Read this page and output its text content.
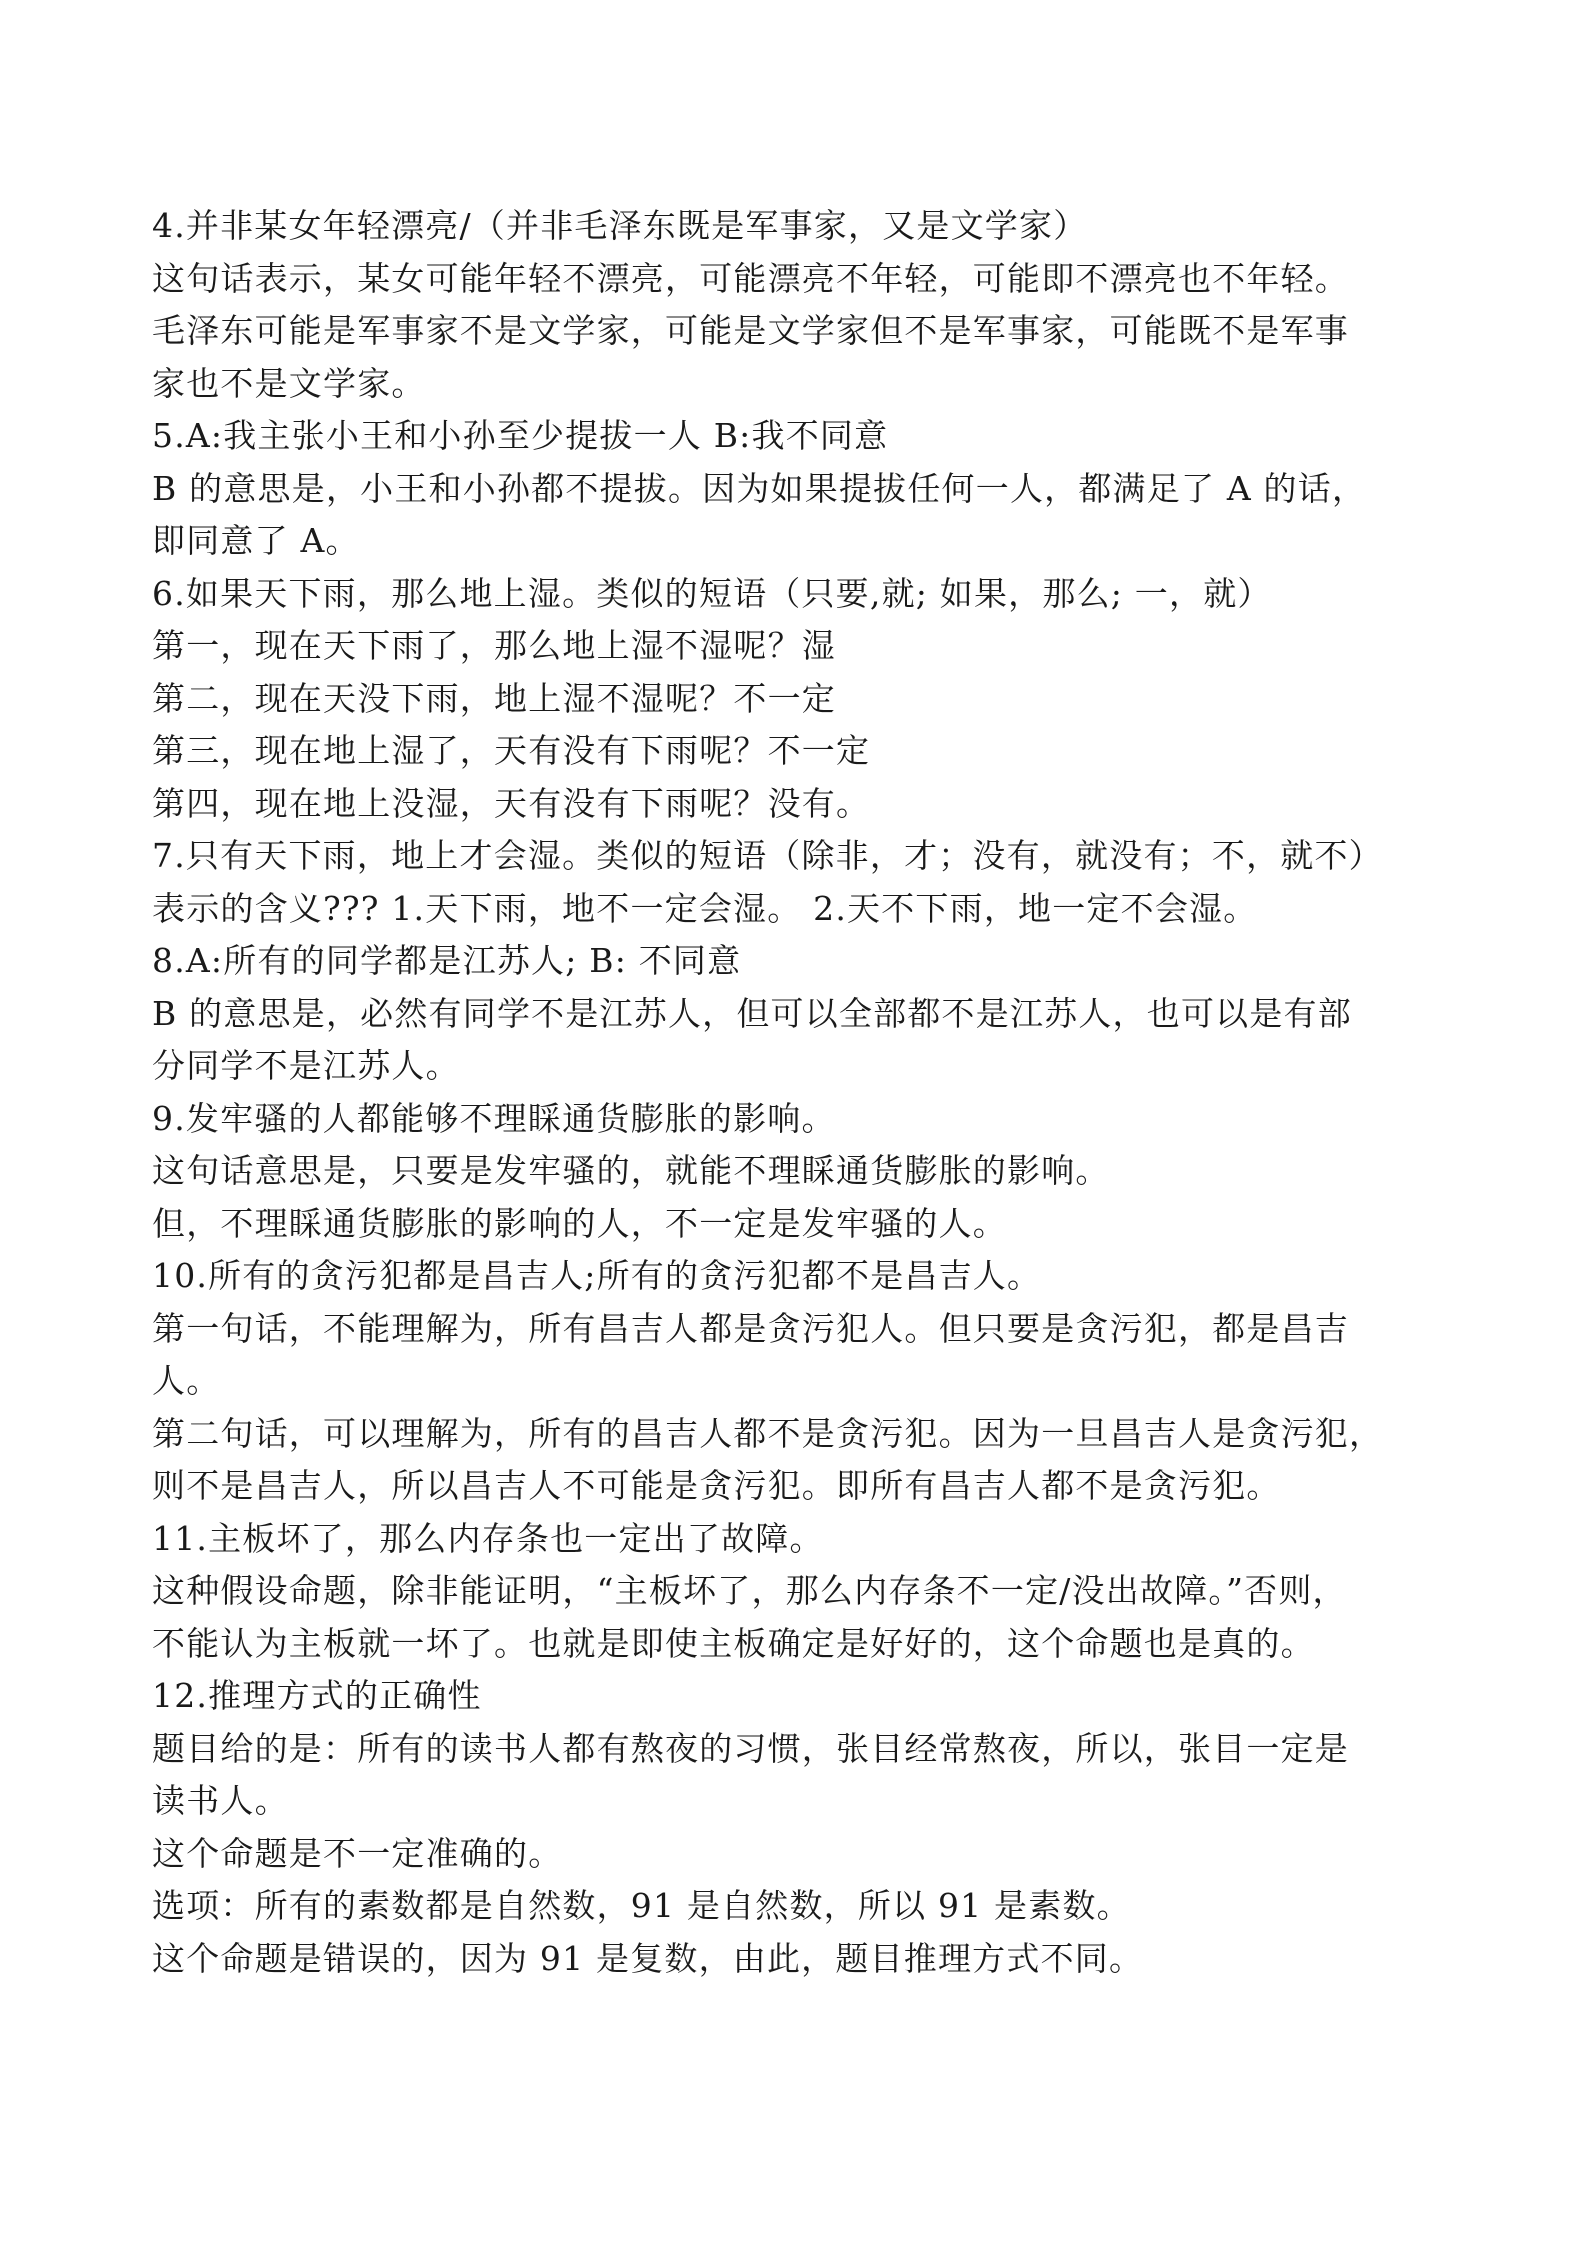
4.并非某女年轻漂亮/（并非毛泽东既是军事家，又是文学家）

这句话表示，某女可能年轻不漂亮，可能漂亮不年轻，可能即不漂亮也不年轻。

毛泽东可能是军事家不是文学家，可能是文学家但不是军事家，可能既不是军事

家也不是文学家。

5.A:我主张小王和小孙至少提拔一人 B:我不同意

B 的意思是，小王和小孙都不提拔。因为如果提拔任何一人，都满足了 A 的话，

即同意了 A。

6.如果天下雨，那么地上湿。类似的短语（只要,就; 如果，那么; 一，就）

第一，现在天下雨了，那么地上湿不湿呢？湿

第二，现在天没下雨，地上湿不湿呢？不一定

第三，现在地上湿了，天有没有下雨呢？不一定

第四，现在地上没湿，天有没有下雨呢？没有。

7.只有天下雨，地上才会湿。类似的短语（除非，才；没有，就没有；不，就不）

表示的含义??? 1.天下雨，地不一定会湿。 2.天不下雨，地一定不会湿。

8.A:所有的同学都是江苏人; B: 不同意

B 的意思是，必然有同学不是江苏人，但可以全部都不是江苏人，也可以是有部

分同学不是江苏人。

9.发牢骚的人都能够不理睬通货膨胀的影响。

这句话意思是，只要是发牢骚的，就能不理睬通货膨胀的影响。

但，不理睬通货膨胀的影响的人，不一定是发牢骚的人。

10.所有的贪污犯都是昌吉人;所有的贪污犯都不是昌吉人。

第一句话，不能理解为，所有昌吉人都是贪污犯人。但只要是贪污犯，都是昌吉

人。

第二句话，可以理解为，所有的昌吉人都不是贪污犯。因为一旦昌吉人是贪污犯，

则不是昌吉人，所以昌吉人不可能是贪污犯。即所有昌吉人都不是贪污犯。

11.主板坏了，那么内存条也一定出了故障。

这种假设命题，除非能证明，“主板坏了，那么内存条不一定/没出故障。”否则，

不能认为主板就一坏了。也就是即使主板确定是好好的，这个命题也是真的。

12.推理方式的正确性

题目给的是：所有的读书人都有熬夜的习惯，张目经常熬夜，所以，张目一定是

读书人。

这个命题是不一定准确的。

选项：所有的素数都是自然数，91 是自然数，所以 91 是素数。

这个命题是错误的，因为 91 是复数，由此，题目推理方式不同。
